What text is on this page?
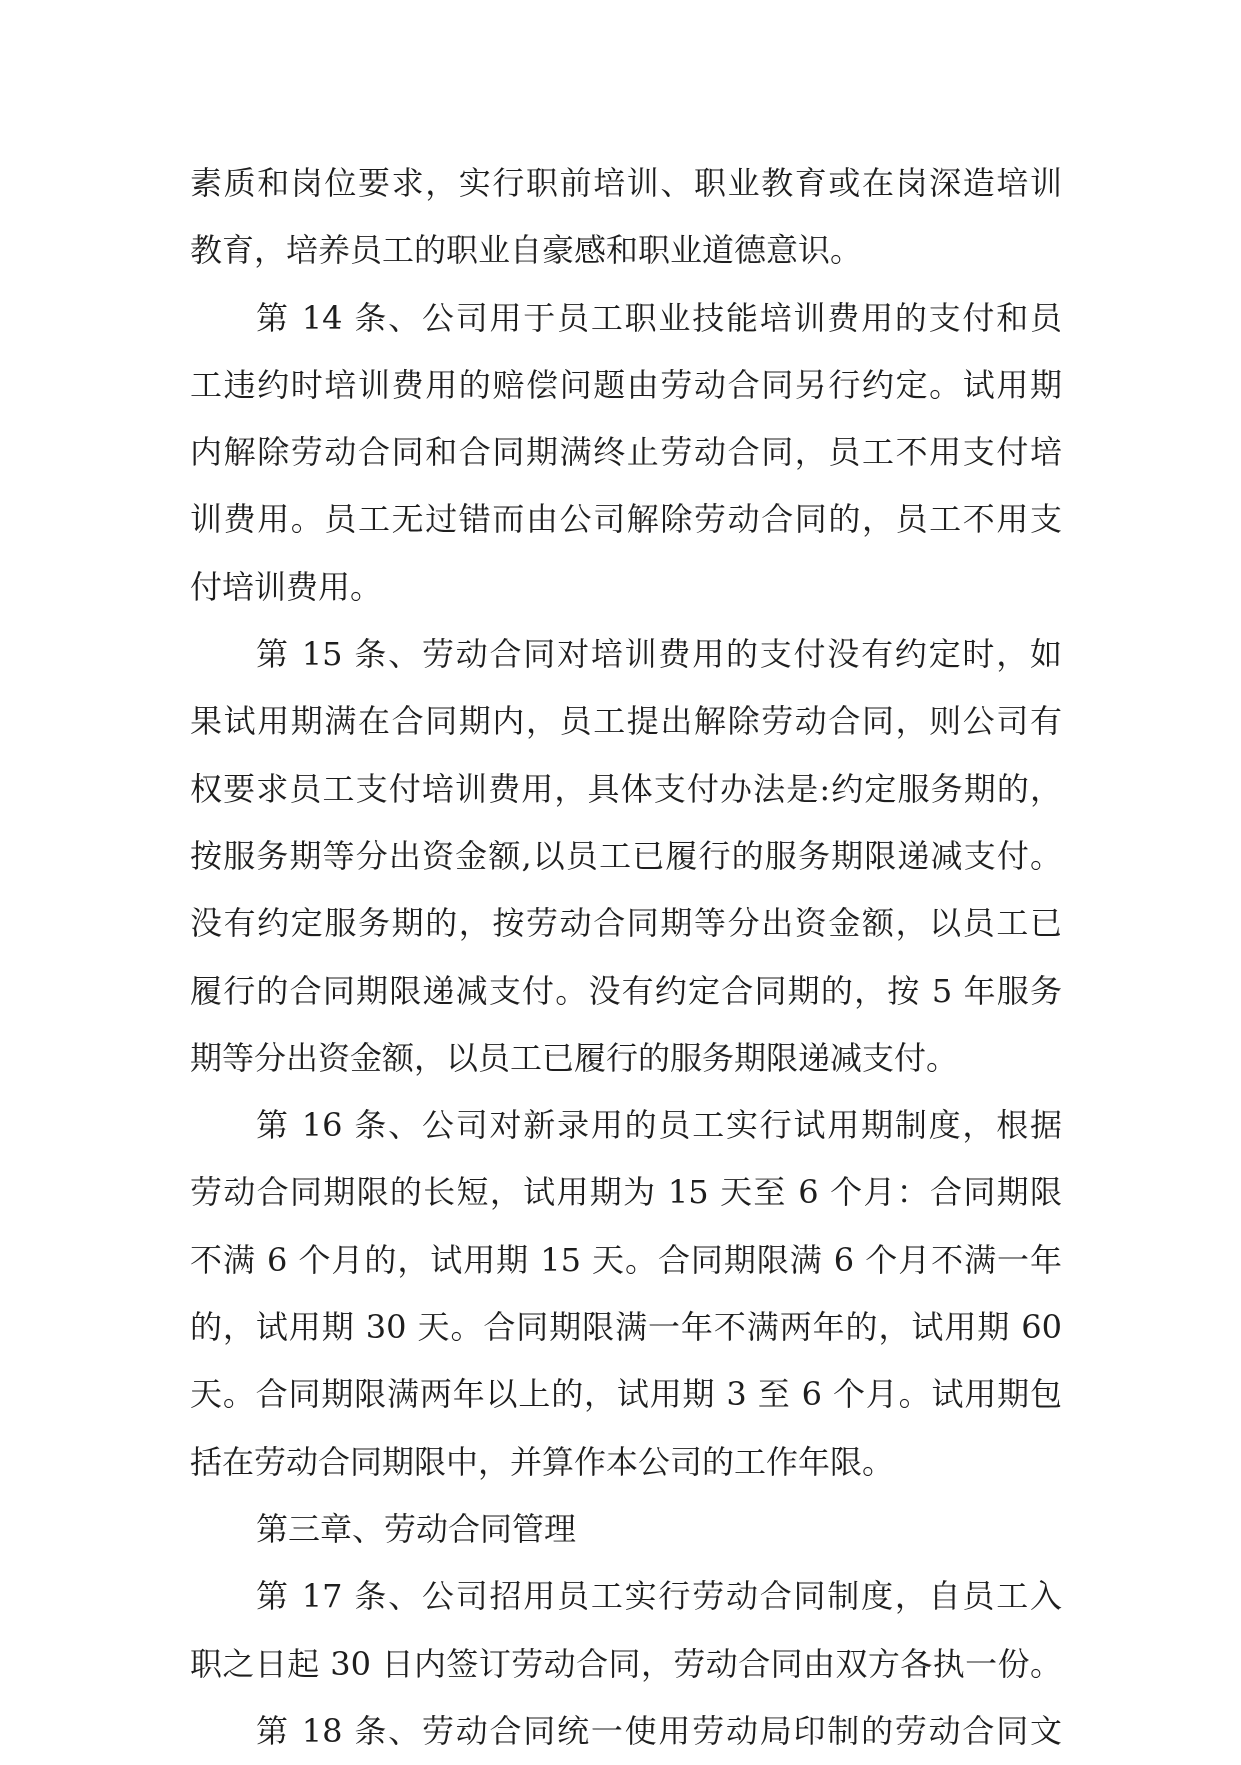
素质和岗位要求，实行职前培训、职业教育或在岗深造培训
教育，培养员工的职业自豪感和职业道德意识。
第 14 条、公司用于员工职业技能培训费用的支付和员
工违约时培训费用的赔偿问题由劳动合同另行约定。试用期
内解除劳动合同和合同期满终止劳动合同，员工不用支付培
训费用。员工无过错而由公司解除劳动合同的，员工不用支
付培训费用。
第 15 条、劳动合同对培训费用的支付没有约定时，如
果试用期满在合同期内，员工提出解除劳动合同，则公司有
权要求员工支付培训费用，具体支付办法是:约定服务期的，
按服务期等分出资金额,以员工已履行的服务期限递减支付。
没有约定服务期的，按劳动合同期等分出资金额，以员工已
履行的合同期限递减支付。没有约定合同期的，按 5 年服务
期等分出资金额，以员工已履行的服务期限递减支付。
第 16 条、公司对新录用的员工实行试用期制度，根据
劳动合同期限的长短，试用期为 15 天至 6 个月：合同期限
不满 6 个月的，试用期 15 天。合同期限满 6 个月不满一年
的，试用期 30 天。合同期限满一年不满两年的，试用期 60
天。合同期限满两年以上的，试用期 3 至 6 个月。试用期包
括在劳动合同期限中，并算作本公司的工作年限。
第三章、劳动合同管理
第 17 条、公司招用员工实行劳动合同制度，自员工入
职之日起 30 日内签订劳动合同，劳动合同由双方各执一份。
第 18 条、劳动合同统一使用劳动局印制的劳动合同文
